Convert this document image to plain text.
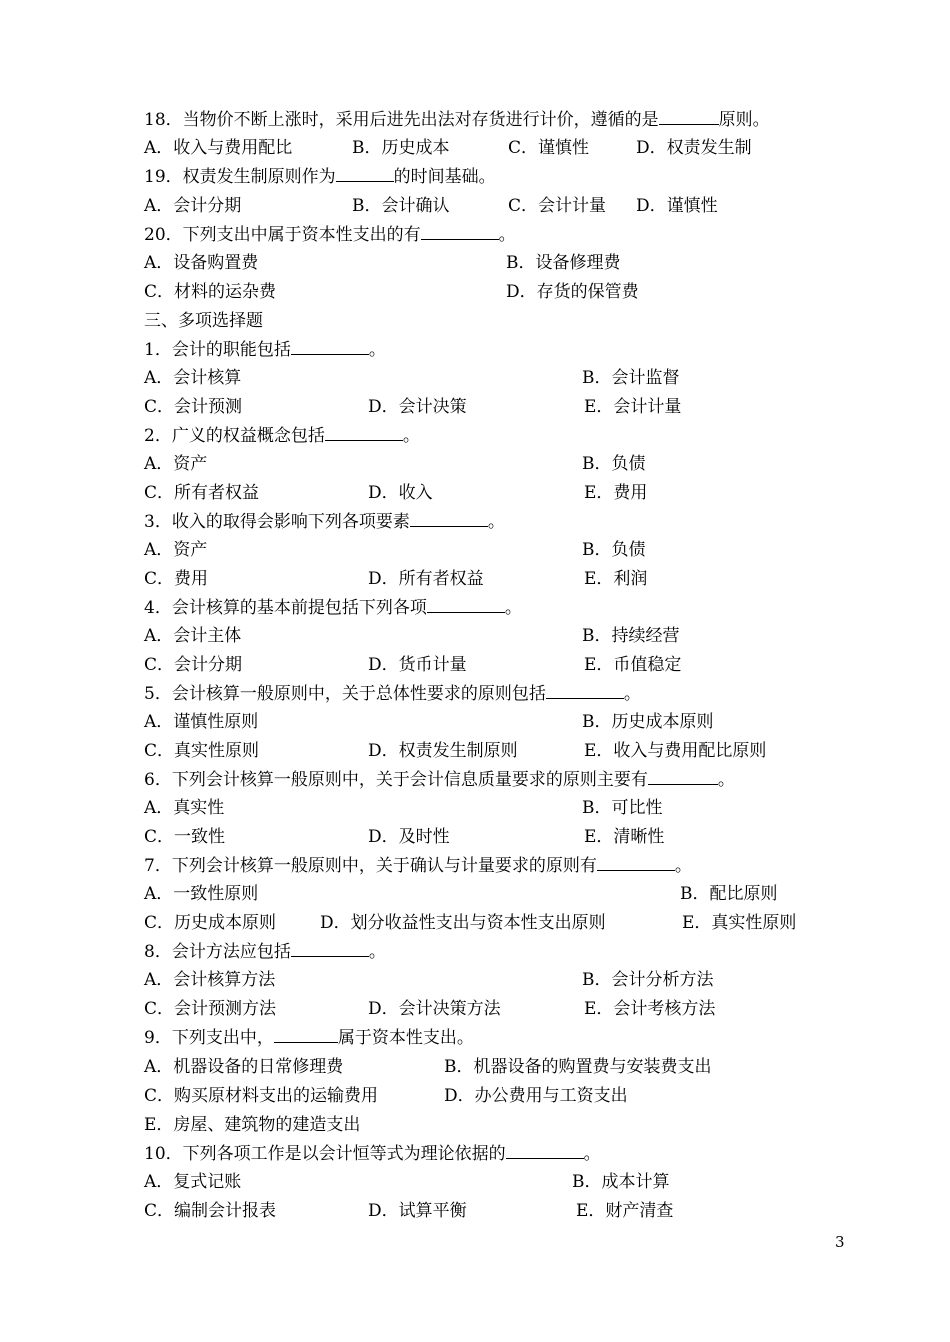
18．当物价不断上涨时，采用后进先出法对存货进行计价，遵循的是	原则。
A．收入与费用配比	B．历史成本	C．谨慎性	D．权责发生制
19．权责发生制原则作为	的时间基础。
A．会计分期	B．会计确认	C．会计计量 D．谨慎性
20．下列支出中属于资本性支出的有	。
A．设备购置费	B．设备修理费
C．材料的运杂费	D．存货的保管费
三、多项选择题
1．会计的职能包括	。
A．会计核算	B．会计监督
C．会计预测	D．会计决策	E．会计计量
2．广义的权益概念包括	。
A．资产	B．负债
C．所有者权益	D．收入	E．费用
3．收入的取得会影响下列各项要素	。
A．资产	B．负债
C．费用	D．所有者权益	E．利润
4．会计核算的基本前提包括下列各项	。
A．会计主体	B．持续经营
C．会计分期	D．货币计量	E．币值稳定
5．会计核算一般原则中，关于总体性要求的原则包括	。
A．谨慎性原则	B．历史成本原则
C．真实性原则	D．权责发生制原则	E．收入与费用配比原则
6．下列会计核算一般原则中，关于会计信息质量要求的原则主要有	。
A．真实性	B．可比性
C．一致性	D．及时性	E．清晰性
7．下列会计核算一般原则中，关于确认与计量要求的原则有	。
A．一致性原则	B．配比原则
C．历史成本原则	D．划分收益性支出与资本性支出原则	E．真实性原则
8．会计方法应包括	。
A．会计核算方法	B．会计分析方法
C．会计预测方法	D．会计决策方法	E．会计考核方法
9．下列支出中，	属于资本性支出。
A．机器设备的日常修理费	B．机器设备的购置费与安装费支出
C．购买原材料支出的运输费用	D．办公费用与工资支出
E．房屋、建筑物的建造支出
10．下列各项工作是以会计恒等式为理论依据的	。
A．复式记账	B．成本计算
C．编制会计报表	D．试算平衡	E．财产清查
3
